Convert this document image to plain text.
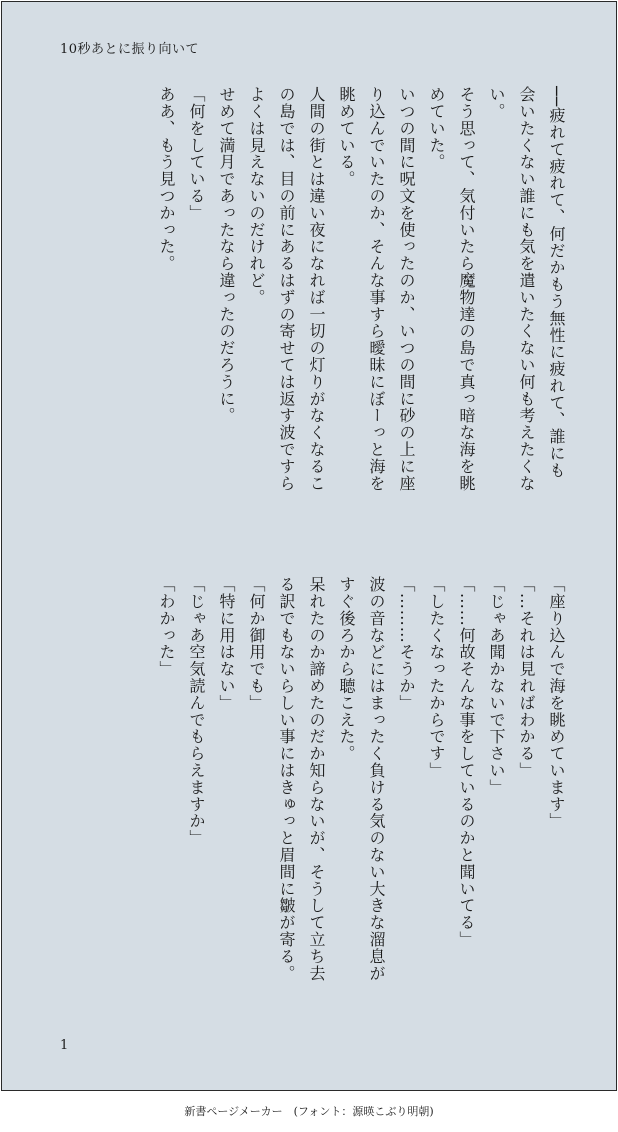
10秒あとに振り向いて
──疲れて疲れて、何だかもう無性に疲れて、誰にも
会いたくない誰にも気を遣いたくない何も考えたくな
い。
そう思って、気付いたら魔物達の島で真っ暗な海を眺
めていた。
いつの間に呪文を使ったのか、いつの間に砂の上に座
り込んでいたのか、そんな事すら曖昧にぼーっと海を
眺めている。
人間の街とは違い夜になれば一切の灯りがなくなるこ
の島では、目の前にあるはずの寄せては返す波ですら
よくは見えないのだけれど。
せめて満月であったなら違ったのだろうに。
「何をしている」
ああ、もう見つかった。
「座り込んで海を眺めています」
「…それは見ればわかる」
「じゃあ聞かないで下さい」
「……何故そんな事をしているのかと聞いてる」
「したくなったからです」
「………そうか」
波の音などにはまったく負ける気のない大きな溜息が
すぐ後ろから聴こえた。
呆れたのか諦めたのだか知らないが、そうして立ち去
る訳でもないらしい事にはきゅっと眉間に皺が寄る。
「何か御用でも」
「特に用はない」
「じゃあ空気読んでもらえますか」
「わかった」
1
新書ページメーカー　(フォント：源暎こぶり明朝)
